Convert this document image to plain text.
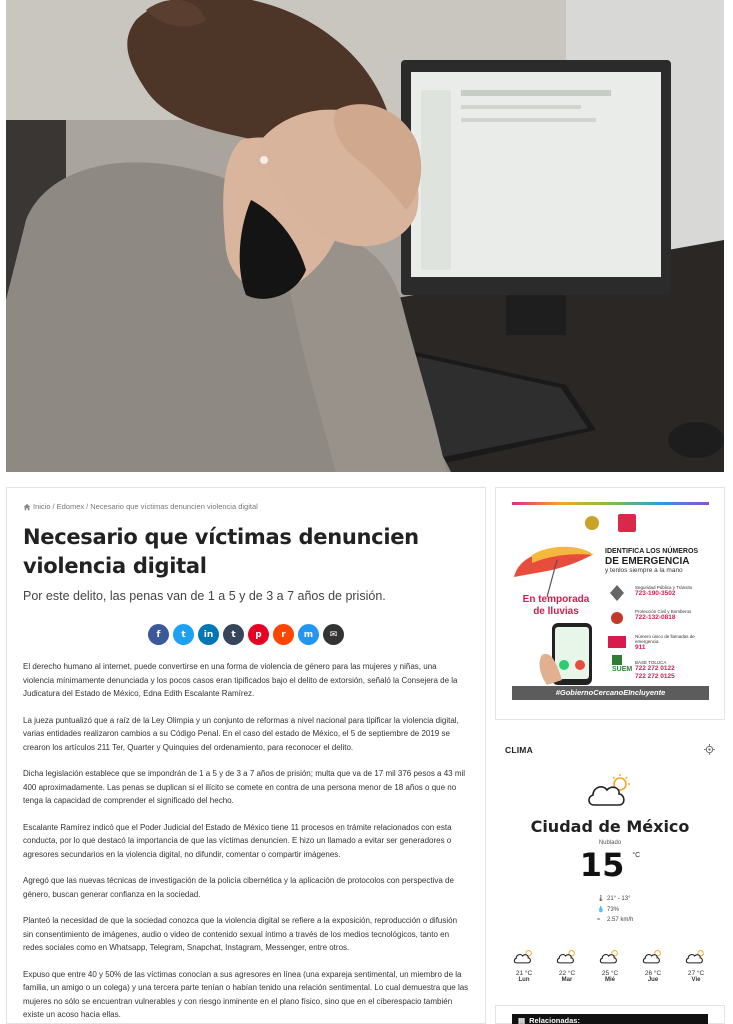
Inicio / Edomex / Necesario que víctimas denuncien violencia digital
Necesario que víctimas denuncien violencia digital
Por este delito, las penas van de 1 a 5 y de 3 a 7 años de prisión.
f	t	in	t	p	r	m	✉

El derecho humano al internet, puede convertirse en una forma de violencia de género para las mujeres y niñas, una violencia mínimamente denunciada y los pocos casos eran tipificados bajo el delito de extorsión, señaló la Consejera de la Judicatura del Estado de México, Edna Edith Escalante Ramírez.

La jueza puntualizó que a raíz de la Ley Olimpia y un conjunto de reformas a nivel nacional para tipificar la violencia digital, varias entidades realizaron cambios a su Código Penal. En el caso del estado de México, el 5 de septiembre de 2019 se crearon los artículos 211 Ter, Quarter y Quinquies del ordenamiento, para reconocer el delito.

Dicha legislación establece que se impondrán de 1 a 5 y de 3 a 7 años de prisión; multa que va de 17 mil 376 pesos a 43 mil 400 aproximadamente. Las penas se duplican si el ilícito se comete en contra de una persona menor de 18 años o que no tenga la capacidad de comprender el significado del hecho.

Escalante Ramírez indicó que el Poder Judicial del Estado de México tiene 11 procesos en trámite relacionados con esta conducta, por lo que destacó la importancia de que las víctimas denuncien. E hizo un llamado a evitar ser generadores o agresores secundarios en la violencia digital, no difundir, comentar o compartir imágenes.

Agregó que las nuevas técnicas de investigación de la policía cibernética y la aplicación de protocolos con perspectiva de género, buscan generar confianza en la sociedad.

Planteó la necesidad de que la sociedad conozca que la violencia digital se refiere a la exposición, reproducción o difusión sin consentimiento de imágenes, audio o video de contenido sexual íntimo a través de los medios tecnológicos, tanto en redes sociales como en Whatsapp, Telegram, Snapchat, Instagram, Messenger, entre otros.

Expuso que entre 40 y 50% de las víctimas conocían a sus agresores en línea (una expareja sentimental, un miembro de la familia, un amigo o un colega) y una tercera parte tenían o habían tenido una relación sentimental. Lo cual demuestra que las mujeres no sólo se encuentran vulnerables y con riesgo inminente en el plano físico, sino que en el ciberespacio también existe un acoso hacia ellas.

IDENTIFICA LOS NÚMEROS
DE EMERGENCIA
y tenlos siempre a la mano
En temporada
de lluvias
Seguridad Pública y Tránsito
723-190-3502
Protección Civil y Bomberos
722-132-0818
Número único de llamadas de emergencia
911
BASE TOLUCA
722 272 0122
722 272 0125
SUEM
#GobiernoCercanoEIncluyente
CLIMA
Ciudad de México
Nublado
15 °C
🌡 21° - 13°
💧 73%
≈ 2.57 km/h
21 °C
Lun
22 °C
Mar
25 °C
Mié
26 °C
Jue
27 °C
Vie
▤ Relacionadas:
